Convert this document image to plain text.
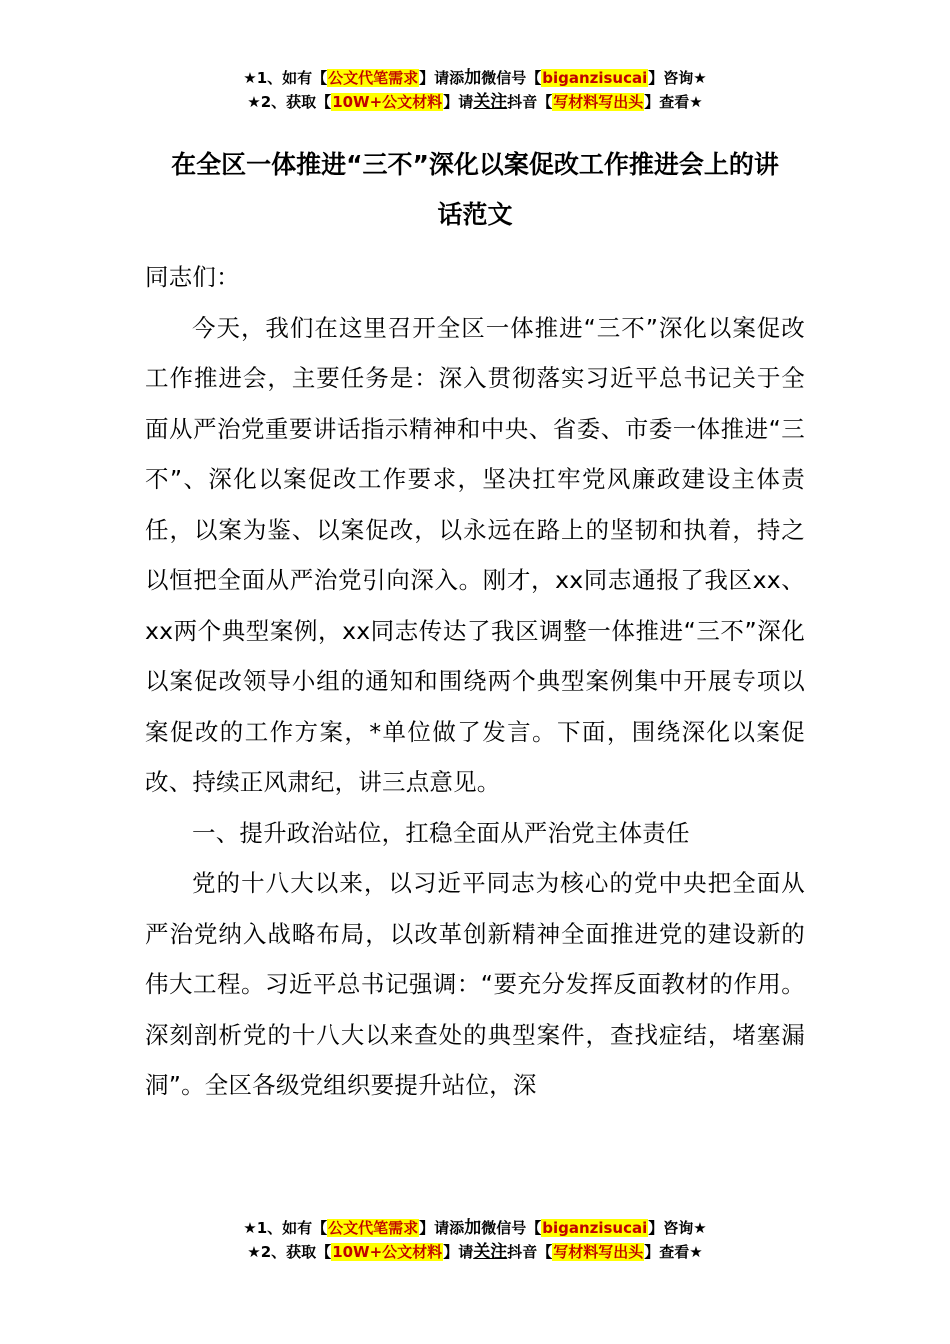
★1、如有【公文代笔需求】请添加微信号【biganzisucai】咨询★
★2、获取【10W+公文材料】请关注抖音【写材料写出头】查看★
在全区一体推进“三不”深化以案促改工作推进会上的讲
话范文

同志们：

今天，我们在这里召开全区一体推进“三不”深化以案促改工作推进会，主要任务是：深入贯彻落实习近平总书记关于全面从严治党重要讲话指示精神和中央、省委、市委一体推进“三不”、深化以案促改工作要求，坚决扛牢党风廉政建设主体责任，以案为鉴、以案促改，以永远在路上的坚韧和执着，持之以恒把全面从严治党引向深入。刚才，xx同志通报了我区xx、xx两个典型案例，xx同志传达了我区调整一体推进“三不”深化以案促改领导小组的通知和围绕两个典型案例集中开展专项以案促改的工作方案，*单位做了发言。下面，围绕深化以案促改、持续正风肃纪，讲三点意见。

一、提升政治站位，扛稳全面从严治党主体责任

党的十八大以来，以习近平同志为核心的党中央把全面从严治党纳入战略布局，以改革创新精神全面推进党的建设新的伟大工程。习近平总书记强调：“要充分发挥反面教材的作用。深刻剖析党的十八大以来查处的典型案件，查找症结，堵塞漏洞”。全区各级党组织要提升站位，深

★1、如有【公文代笔需求】请添加微信号【biganzisucai】咨询★
★2、获取【10W+公文材料】请关注抖音【写材料写出头】查看★
